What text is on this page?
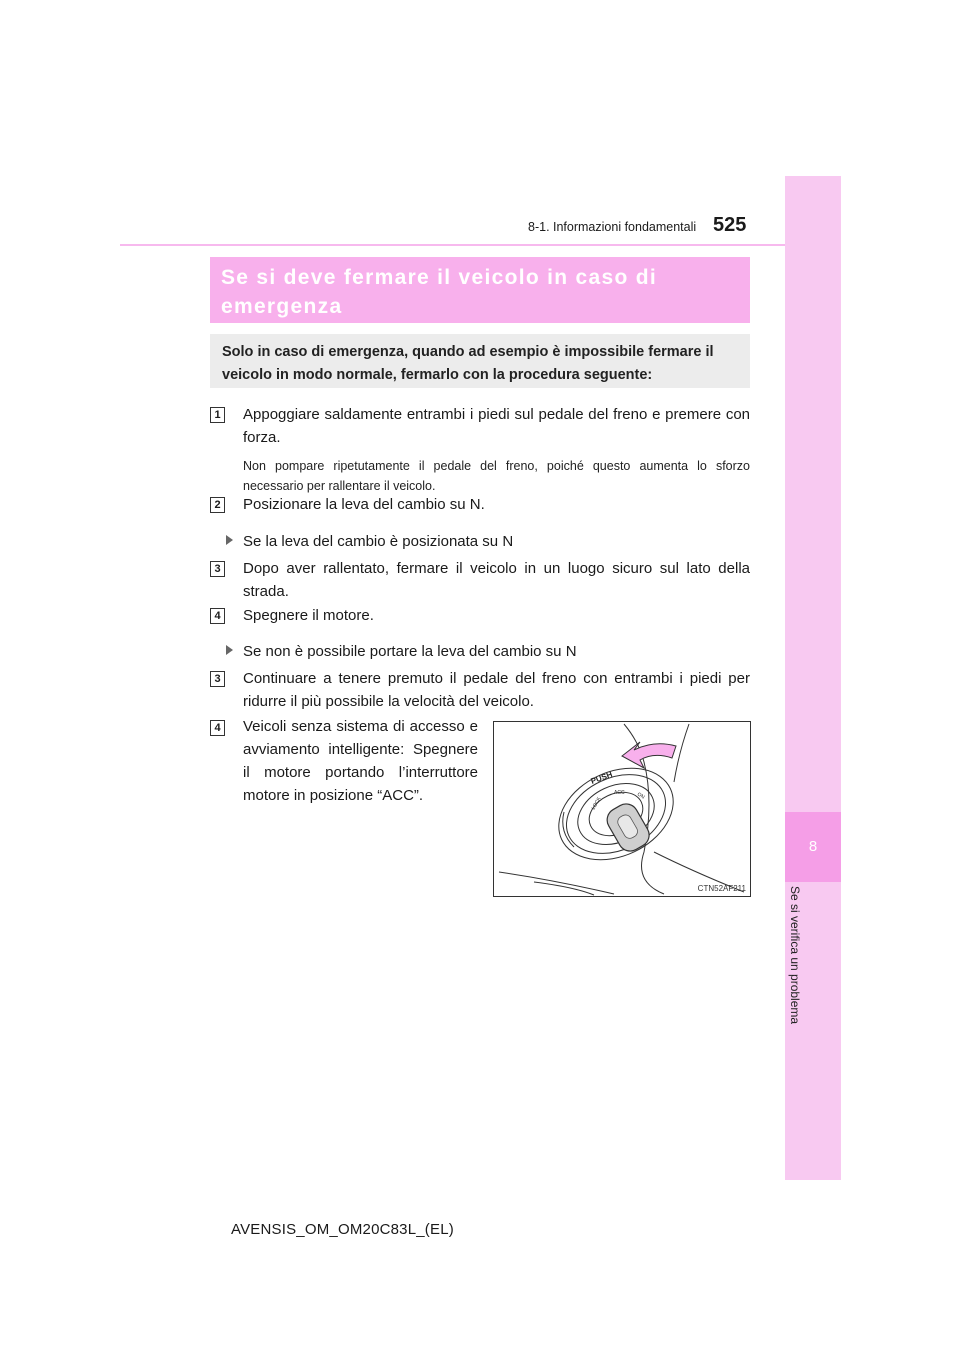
8-1. Informazioni fondamentali 525
8
Se si verifica un problema
Se si deve fermare il veicolo in caso di emergenza

Solo in caso di emergenza, quando ad esempio è impossibile fermare il veicolo in modo normale, fermarlo con la procedura seguente:

1 Appoggiare saldamente entrambi i piedi sul pedale del freno e premere con forza.
Non pompare ripetutamente il pedale del freno, poiché questo aumenta lo sforzo necessario per rallentare il veicolo.
2 Posizionare la leva del cambio su N.
Se la leva del cambio è posizionata su N
3 Dopo aver rallentato, fermare il veicolo in un luogo sicuro sul lato della strada.
4 Spegnere il motore.
Se non è possibile portare la leva del cambio su N
3 Continuare a tenere premuto il pedale del freno con entrambi i piedi per ridurre il più possibile la velocità del veicolo.
4 Veicoli senza sistema di accesso e avviamento intelligente: Spegnere il motore portando l’interruttore motore in posizione “ACC”.
PUSH
LOCK
ACC ON
CTN52AF211
AVENSIS_OM_OM20C83L_(EL)
